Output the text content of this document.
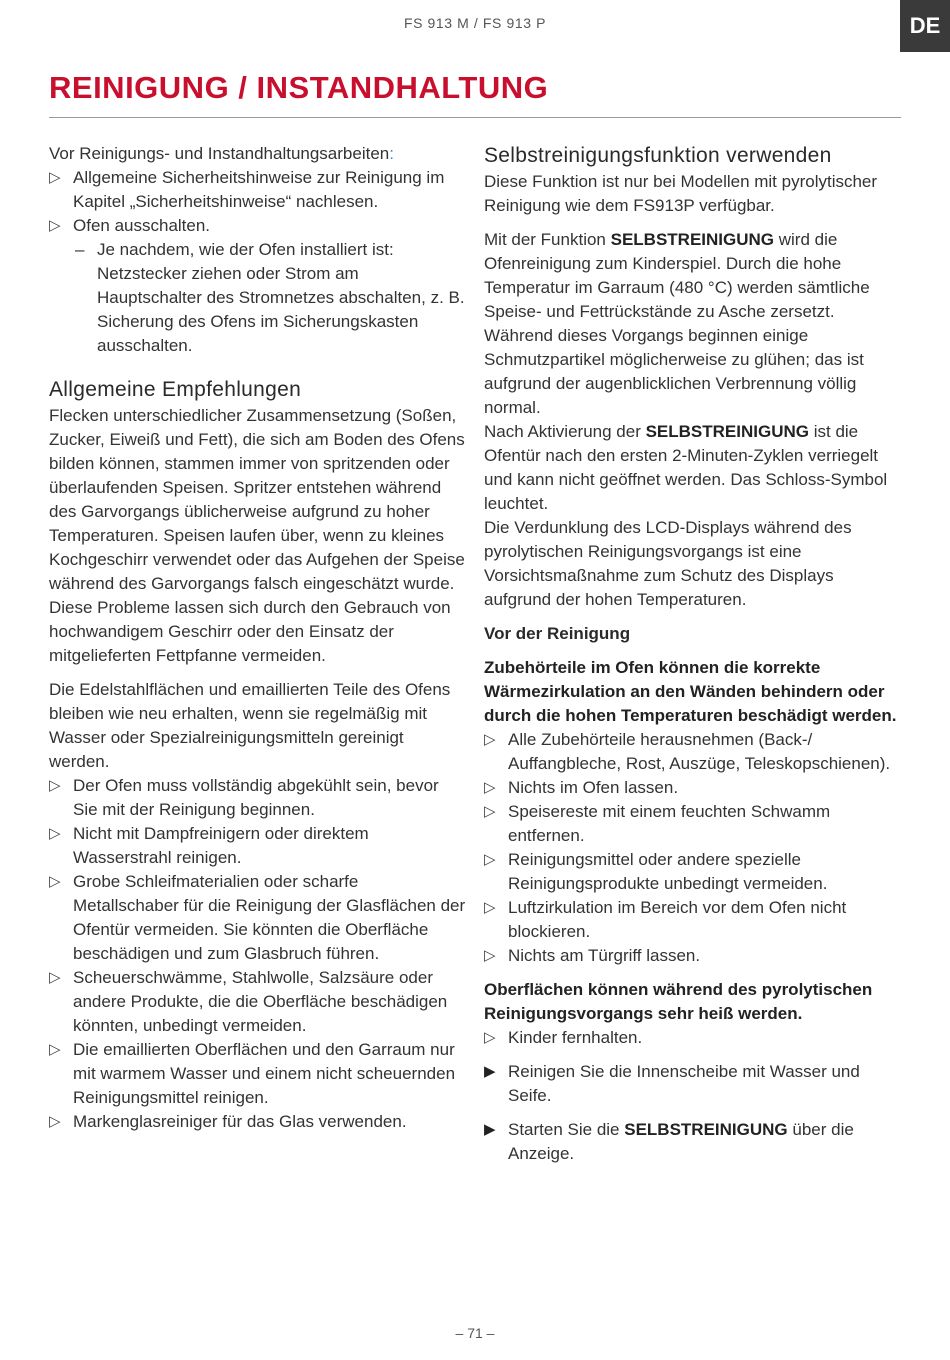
FS 913 M / FS 913 P	DE
REINIGUNG / INSTANDHALTUNG

Vor Reinigungs- und Instandhaltungsarbeiten:

▷ Allgemeine Sicherheitshinweise zur Reinigung im Kapitel „Sicherheitshinweise“ nachlesen.
▷ Ofen ausschalten.
– Je nachdem, wie der Ofen installiert ist: Netzstecker ziehen oder Strom am Hauptschalter des Stromnetzes abschalten, z. B. Sicherung des Ofens im Sicherungskasten ausschalten.
Allgemeine Empfehlungen

Flecken unterschiedlicher Zusammensetzung (Soßen, Zucker, Eiweiß und Fett), die sich am Boden des Ofens bilden können, stammen immer von spritzenden oder überlaufenden Speisen. Spritzer entstehen während des Garvorgangs üblicherweise aufgrund zu hoher Temperaturen. Speisen laufen über, wenn zu kleines Kochgeschirr verwendet oder das Aufgehen der Speise während des Garvorgangs falsch eingeschätzt wurde. Diese Probleme lassen sich durch den Gebrauch von hochwandigem Geschirr oder den Einsatz der mitgelieferten Fettpfanne vermeiden.

Die Edelstahlflächen und emaillierten Teile des Ofens bleiben wie neu erhalten, wenn sie regelmäßig mit Wasser oder Spezialreinigungsmitteln gereinigt werden.

▷ Der Ofen muss vollständig abgekühlt sein, bevor Sie mit der Reinigung beginnen.
▷ Nicht mit Dampfreinigern oder direktem Wasserstrahl reinigen.
▷ Grobe Schleifmaterialien oder scharfe Metallschaber für die Reinigung der Glasflächen der Ofentür vermeiden. Sie könnten die Oberfläche beschädigen und zum Glasbruch führen.
▷ Scheuerschwämme, Stahlwolle, Salzsäure oder andere Produkte, die die Oberfläche beschädigen könnten, unbedingt vermeiden.
▷ Die emaillierten Oberflächen und den Garraum nur mit warmem Wasser und einem nicht scheuernden Reinigungsmittel reinigen.
▷ Markenglasreiniger für das Glas verwenden.
Selbstreinigungsfunktion verwenden

Diese Funktion ist nur bei Modellen mit pyrolytischer Reinigung wie dem FS913P verfügbar.

Mit der Funktion SELBSTREINIGUNG wird die Ofenreinigung zum Kinderspiel. Durch die hohe Temperatur im Garraum (480 °C) werden sämtliche Speise- und Fettrückstände zu Asche zersetzt. Während dieses Vorgangs beginnen einige Schmutzpartikel möglicherweise zu glühen; das ist aufgrund der augenblicklichen Verbrennung völlig normal.

Nach Aktivierung der SELBSTREINIGUNG ist die Ofentür nach den ersten 2-Minuten-Zyklen verriegelt und kann nicht geöffnet werden. Das Schloss-Symbol leuchtet.

Die Verdunklung des LCD-Displays während des pyrolytischen Reinigungsvorgangs ist eine Vorsichtsmaßnahme zum Schutz des Displays aufgrund der hohen Temperaturen.

Vor der Reinigung

Zubehörteile im Ofen können die korrekte Wärmezirkulation an den Wänden behindern oder durch die hohen Temperaturen beschädigt werden.

▷ Alle Zubehörteile herausnehmen (Back-/ Auffangbleche, Rost, Auszüge, Teleskopschienen).
▷ Nichts im Ofen lassen.
▷ Speisereste mit einem feuchten Schwamm entfernen.
▷ Reinigungsmittel oder andere spezielle Reinigungsprodukte unbedingt vermeiden.
▷ Luftzirkulation im Bereich vor dem Ofen nicht blockieren.
▷ Nichts am Türgriff lassen.

Oberflächen können während des pyrolytischen Reinigungsvorgangs sehr heiß werden.

▷ Kinder fernhalten.
▶ Reinigen Sie die Innenscheibe mit Wasser und Seife.
▶ Starten Sie die SELBSTREINIGUNG über die Anzeige.
– 71 –
